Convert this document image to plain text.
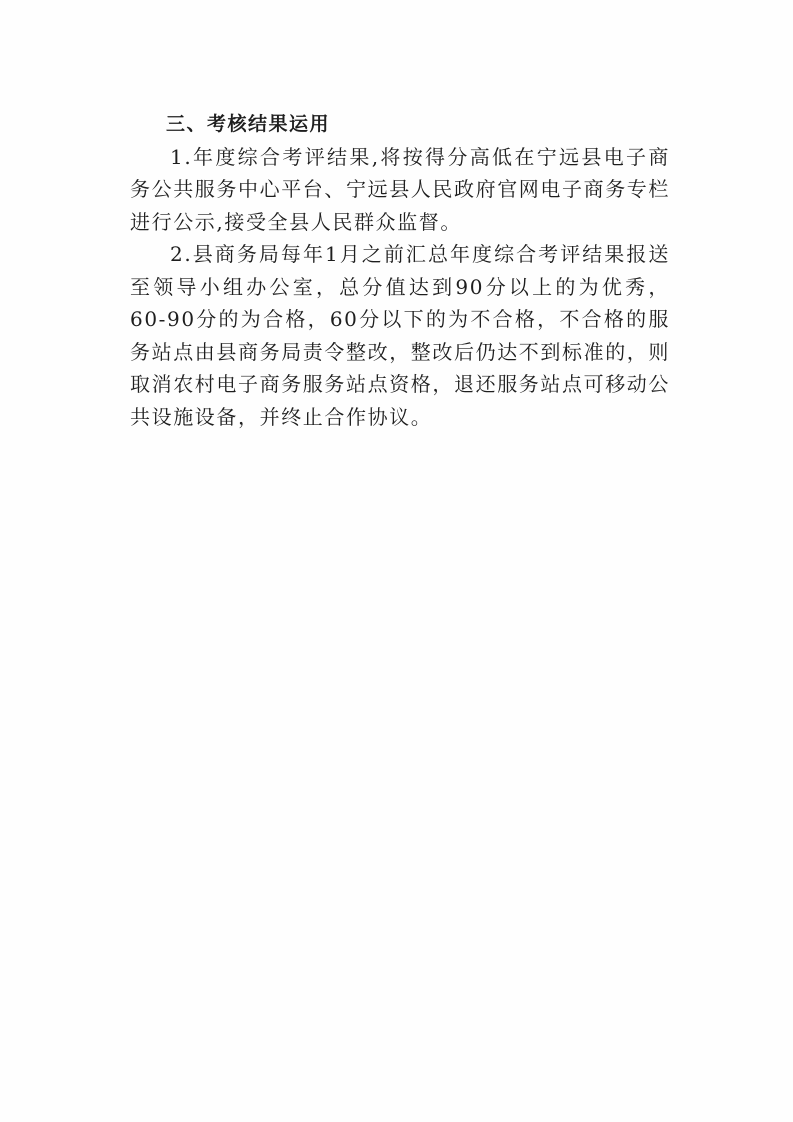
三、考核结果运用

1.年度综合考评结果,将按得分高低在宁远县电子商务公共服务中心平台、宁远县人民政府官网电子商务专栏进行公示,接受全县人民群众监督。

2.县商务局每年1月之前汇总年度综合考评结果报送至领导小组办公室，总分值达到90分以上的为优秀，60-90分的为合格，60分以下的为不合格，不合格的服务站点由县商务局责令整改，整改后仍达不到标准的，则取消农村电子商务服务站点资格，退还服务站点可移动公共设施设备，并终止合作协议。
